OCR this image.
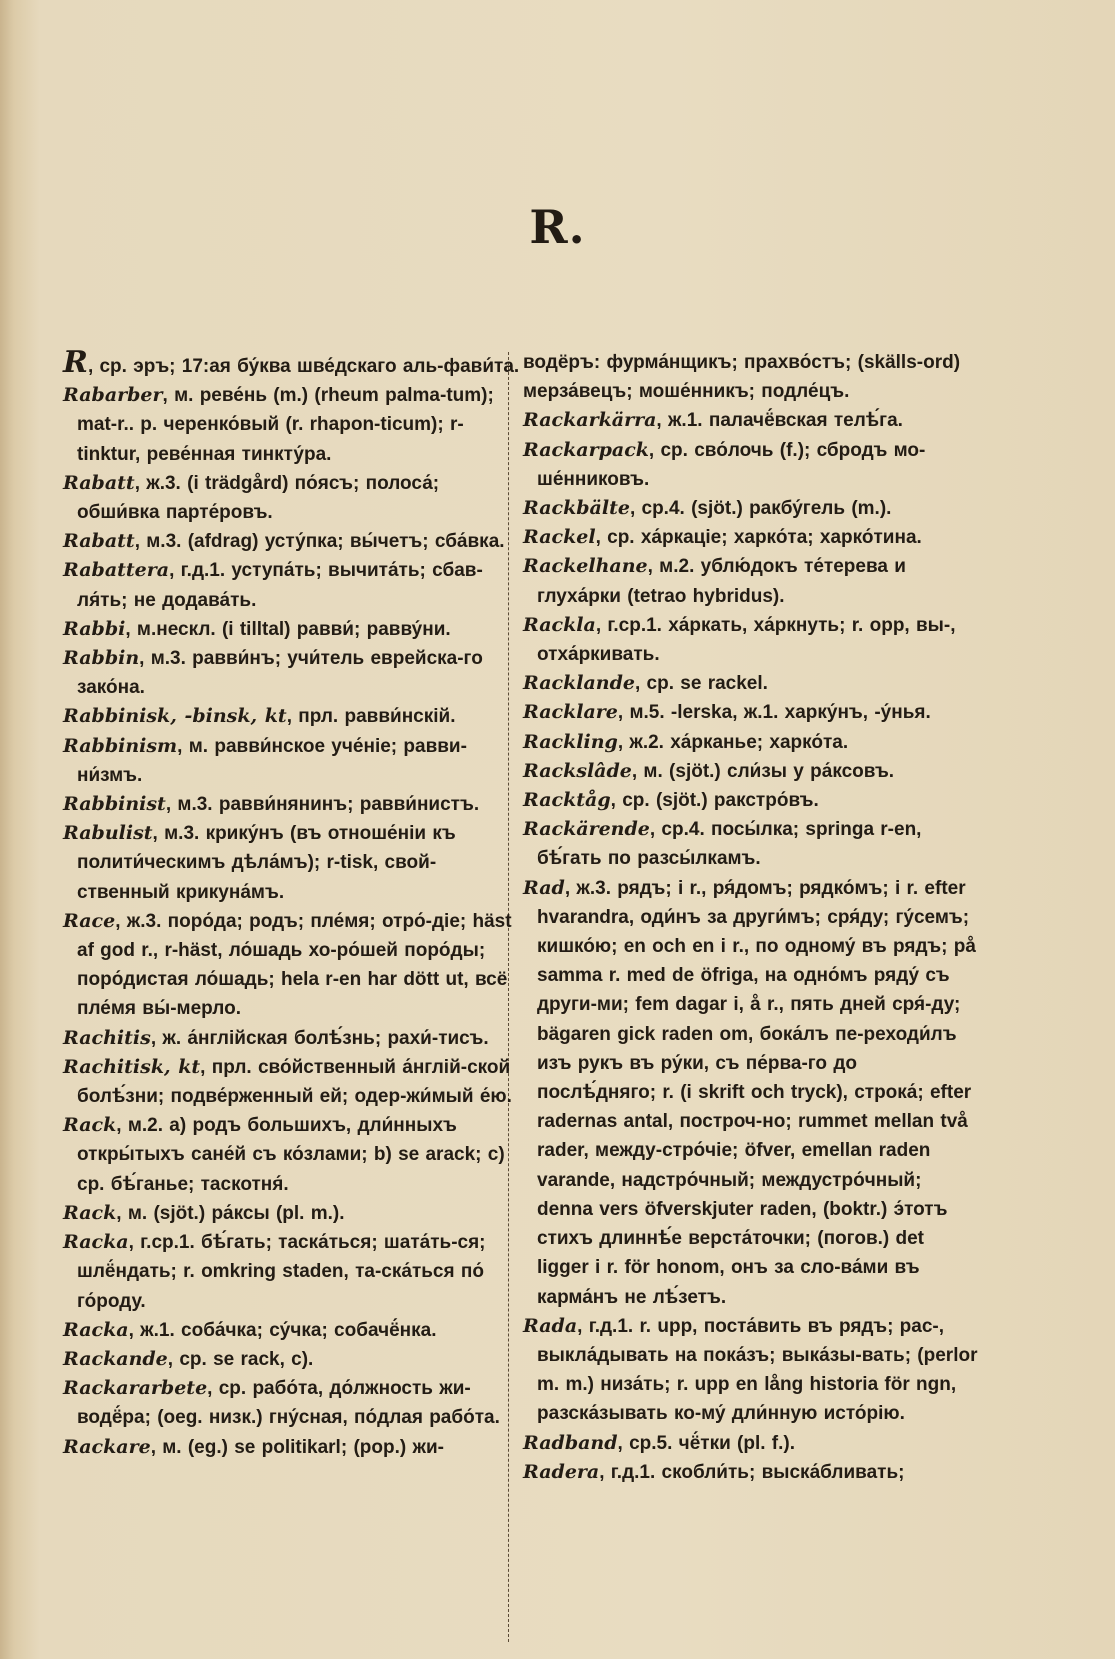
R.

R, ср. эръ; 17:ая бу́ква шве́дскаго аль-фави́та.

Rabarber, м. реве́нь (m.) (rheum palma-tum); mat-r.. р. черенко́вый (r. rhapon-ticum); r-tinktur, реве́нная тинкту́ра.

Rabatt, ж.3. (i trädgård) по́ясъ; полоса́; обши́вка парте́ровъ.

Rabatt, м.3. (afdrag) усту́пка; вы́четъ; сба́вка.

Rabattera, г.д.1. уступа́ть; вычита́ть; сбав-ля́ть; не додава́ть.

Rabbi, м.нескл. (i tilltal) равви́; равву́ни.

Rabbin, м.3. равви́нъ; учи́тель еврейска-го зако́на.

Rabbinisk, -binsk, kt, прл. равви́нскій.

Rabbinism, м. равви́нское уче́ніе; равви-ни́змъ.

Rabbinist, м.3. равви́нянинъ; равви́нистъ.

Rabulist, м.3. крику́нъ (въ отноше́ніи къ полити́ческимъ дѣла́мъ); r-tisk, свой-ственный крикуна́мъ.

Race, ж.3. поро́да; родъ; пле́мя; отро́-діе; häst af god r., r-häst, ло́шадь хо-ро́шей поро́ды; поро́дистая ло́шадь; hela r-en har dött ut, всё пле́мя вы́-мерло.

Rachitis, ж. а́нглійская болѣ́знь; рахи́-тисъ.

Rachitisk, kt, прл. сво́йственный а́нглій-ской болѣ́зни; подве́рженный ей; одер-жи́мый е́ю.

Rack, м.2. a) родъ большихъ, дли́нныхъ откры́тыхъ сане́й съ ко́злами; b) se arack; c) ср. бѣ́ганье; таскотня́.

Rack, м. (sjöt.) ра́ксы (pl. m.).

Racka, г.ср.1. бѣ́гать; таска́ться; шата́ть-ся; шлё́ндать; r. omkring staden, та-ска́ться по́ го́роду.

Racka, ж.1. соба́чка; су́чка; собачё́нка.

Rackande, ср. se rack, c).

Rackararbete, ср. рабо́та, до́лжность жи-водё́ра; (oeg. низк.) гну́сная, по́длая рабо́та.

Rackare, м. (eg.) se politikarl; (pop.) жи-

водёръ: фурма́нщикъ; прахво́стъ; (skälls-ord) мерза́вецъ; моше́нникъ; подле́цъ.

Rackarkärra, ж.1. палачё́вская телѣ́га.

Rackarpack, ср. сво́лочь (f.); сбродъ мо-ше́нниковъ.

Rackbälte, ср.4. (sjöt.) ракбу́гель (m.).

Rackel, ср. ха́ркаціе; харко́та; харко́тина.

Rackelhane, м.2. ублю́докъ те́терева и глуха́рки (tetrao hybridus).

Rackla, г.ср.1. ха́ркать, ха́ркнуть; r. opp, вы-, отха́ркивать.

Racklande, ср. se rackel.

Racklare, м.5. -lerska, ж.1. харку́нъ, -у́нья.

Rackling, ж.2. ха́рканье; харко́та.

Rackslâde, м. (sjöt.) сли́зы у ра́ксовъ.

Racktåg, ср. (sjöt.) ракстро́въ.

Rackärende, ср.4. посы́лка; springa r-en, бѣ́гать по разсы́лкамъ.

Rad, ж.3. рядъ; i r., ря́домъ; рядко́мъ; i r. efter hvarandra, оди́нъ за други́мъ; сря́ду; гу́семъ; кишко́ю; en och en i r., по одному́ въ рядъ; på samma r. med de öfriga, на одно́мъ ряду́ съ други-ми; fem dagar i, å r., пять дней сря́-ду; bägaren gick raden om, бока́лъ пе-реходи́лъ изъ рукъ въ ру́ки, съ пе́рва-го до послѣ́дняго; r. (i skrift och tryck), строка́; efter radernas antal, построч-но; rummet mellan två rader, между-стро́чіе; öfver, emellan raden varande, надстро́чный; междустро́чный; denna vers öfverskjuter raden, (boktr.) э́тотъ стихъ длиннѣ́е верста́точки; (погов.) det ligger i r. för honom, онъ за сло-ва́ми въ карма́нъ не лѣ́зетъ.

Rada, г.д.1. r. upp, поста́вить въ рядъ; рас-, выкла́дывать на пока́зъ; выка́зы-вать; (perlor m. m.) низа́ть; r. upp en lång historia för ngn, разска́зывать ко-му́ дли́нную исто́рію.

Radband, ср.5. чё́тки (pl. f.).

Radera, г.д.1. скобли́ть; выска́бливать;
